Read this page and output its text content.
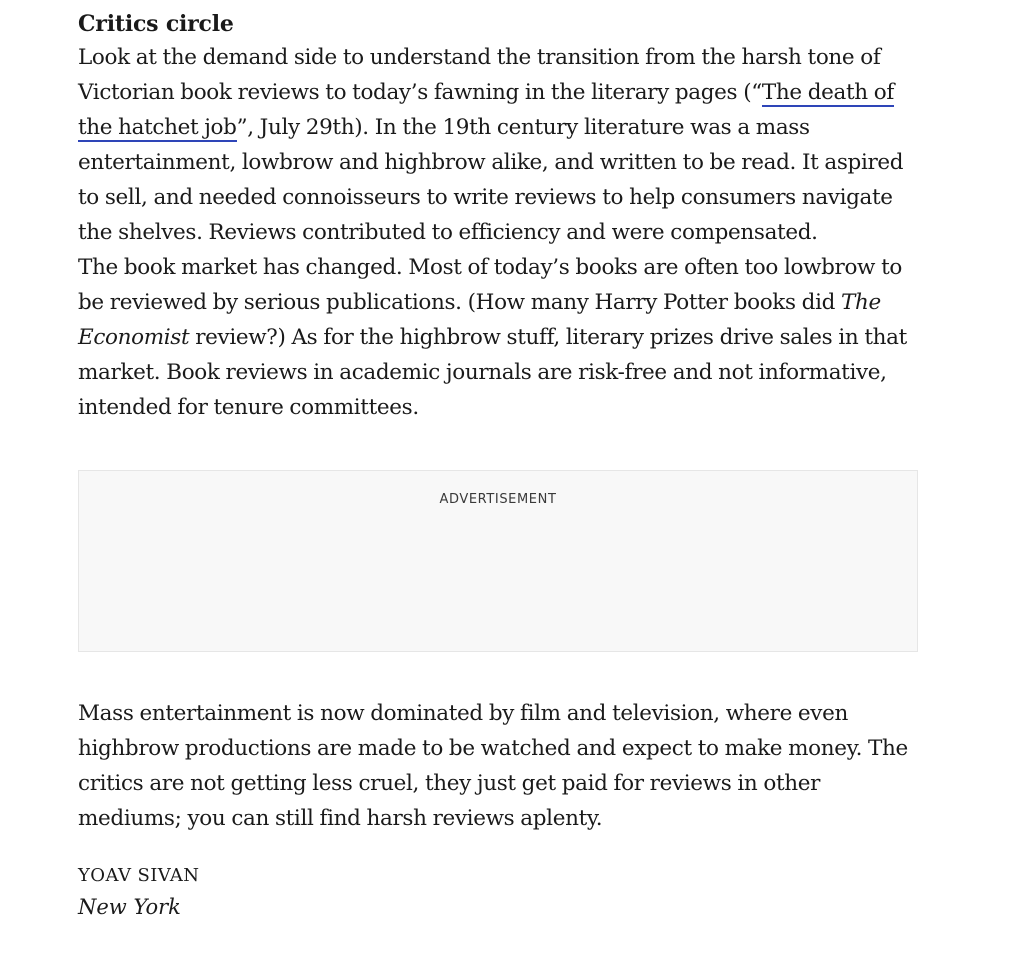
Critics circle

Look at the demand side to understand the transition from the harsh tone of Victorian book reviews to today’s fawning in the literary pages (“The death of the hatchet job”, July 29th). In the 19th century literature was a mass entertainment, lowbrow and highbrow alike, and written to be read. It aspired to sell, and needed connoisseurs to write reviews to help consumers navigate the shelves. Reviews contributed to efficiency and were compensated.

The book market has changed. Most of today’s books are often too lowbrow to be reviewed by serious publications. (How many Harry Potter books did The Economist review?) As for the highbrow stuff, literary prizes drive sales in that market. Book reviews in academic journals are risk-free and not informative, intended for tenure committees.

ADVERTISEMENT

Mass entertainment is now dominated by film and television, where even highbrow productions are made to be watched and expect to make money. The critics are not getting less cruel, they just get paid for reviews in other mediums; you can still find harsh reviews aplenty.

YOAV SIVAN
New York
